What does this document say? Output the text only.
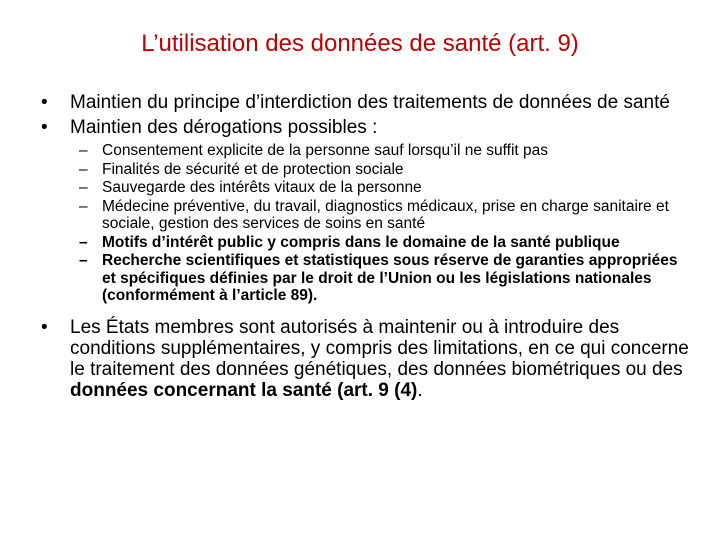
L’utilisation des données de santé (art. 9)

• Maintien du principe d’interdiction des traitements de données de santé

• Maintien des dérogations possibles :

– Consentement explicite de la personne sauf lorsqu’il ne suffit pas

– Finalités de sécurité et de protection sociale

– Sauvegarde des intérêts vitaux de la personne

– Médecine préventive, du travail, diagnostics médicaux, prise en charge sanitaire et sociale, gestion des services de soins en santé

– Motifs d’intérêt public y compris dans le domaine de la santé publique

– Recherche scientifiques et statistiques sous réserve de garanties appropriées et spécifiques définies par le droit de l’Union ou les législations nationales (conformément à l’article 89).

• Les États membres sont autorisés à maintenir ou à introduire des conditions supplémentaires, y compris des limitations, en ce qui concerne le traitement des données génétiques, des données biométriques ou des données concernant la santé (art. 9 (4).
